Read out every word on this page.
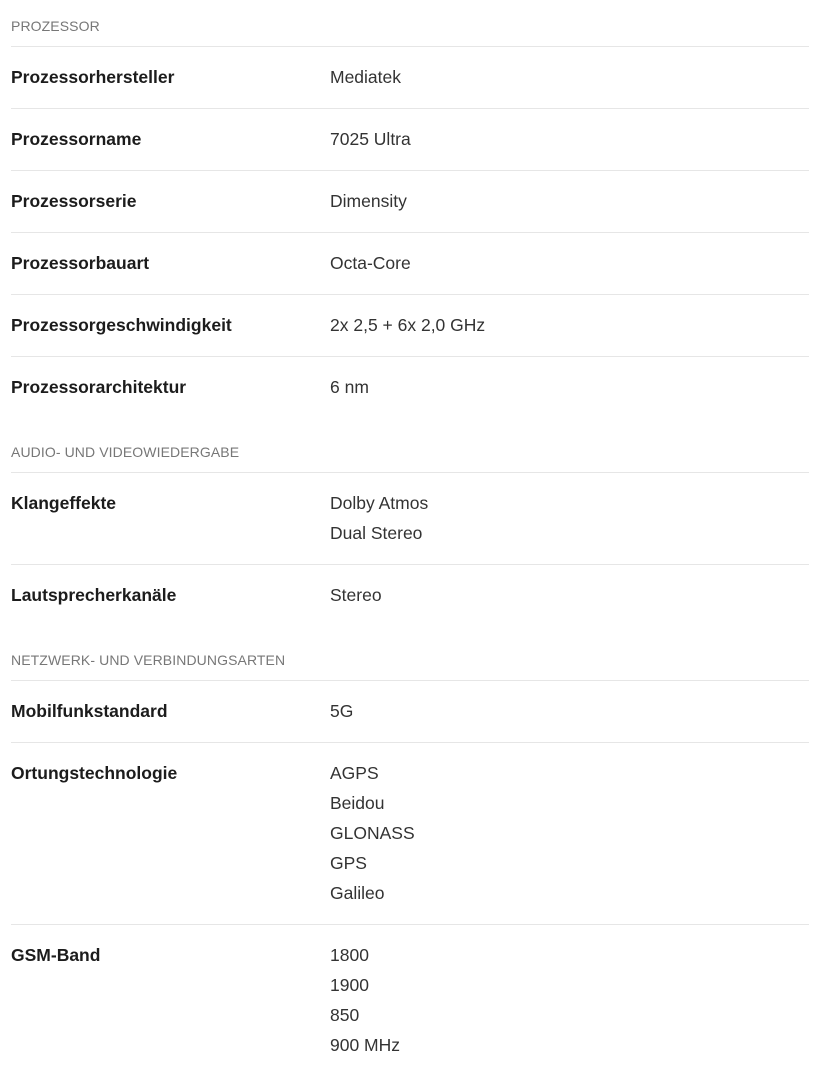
PROZESSOR
Prozessorhersteller	Mediatek
Prozessorname	7025 Ultra
Prozessorserie	Dimensity
Prozessorbauart	Octa-Core
Prozessorgeschwindigkeit	2x 2,5 + 6x 2,0 GHz
Prozessorarchitektur	6 nm
AUDIO- UND VIDEOWIEDERGABE
Klangeffekte	Dolby Atmos
Dual Stereo
Lautsprecherkanäle	Stereo
NETZWERK- UND VERBINDUNGSARTEN
Mobilfunkstandard	5G
Ortungstechnologie	AGPS
Beidou
GLONASS
GPS
Galileo
GSM-Band	1800
1900
850
900 MHz
